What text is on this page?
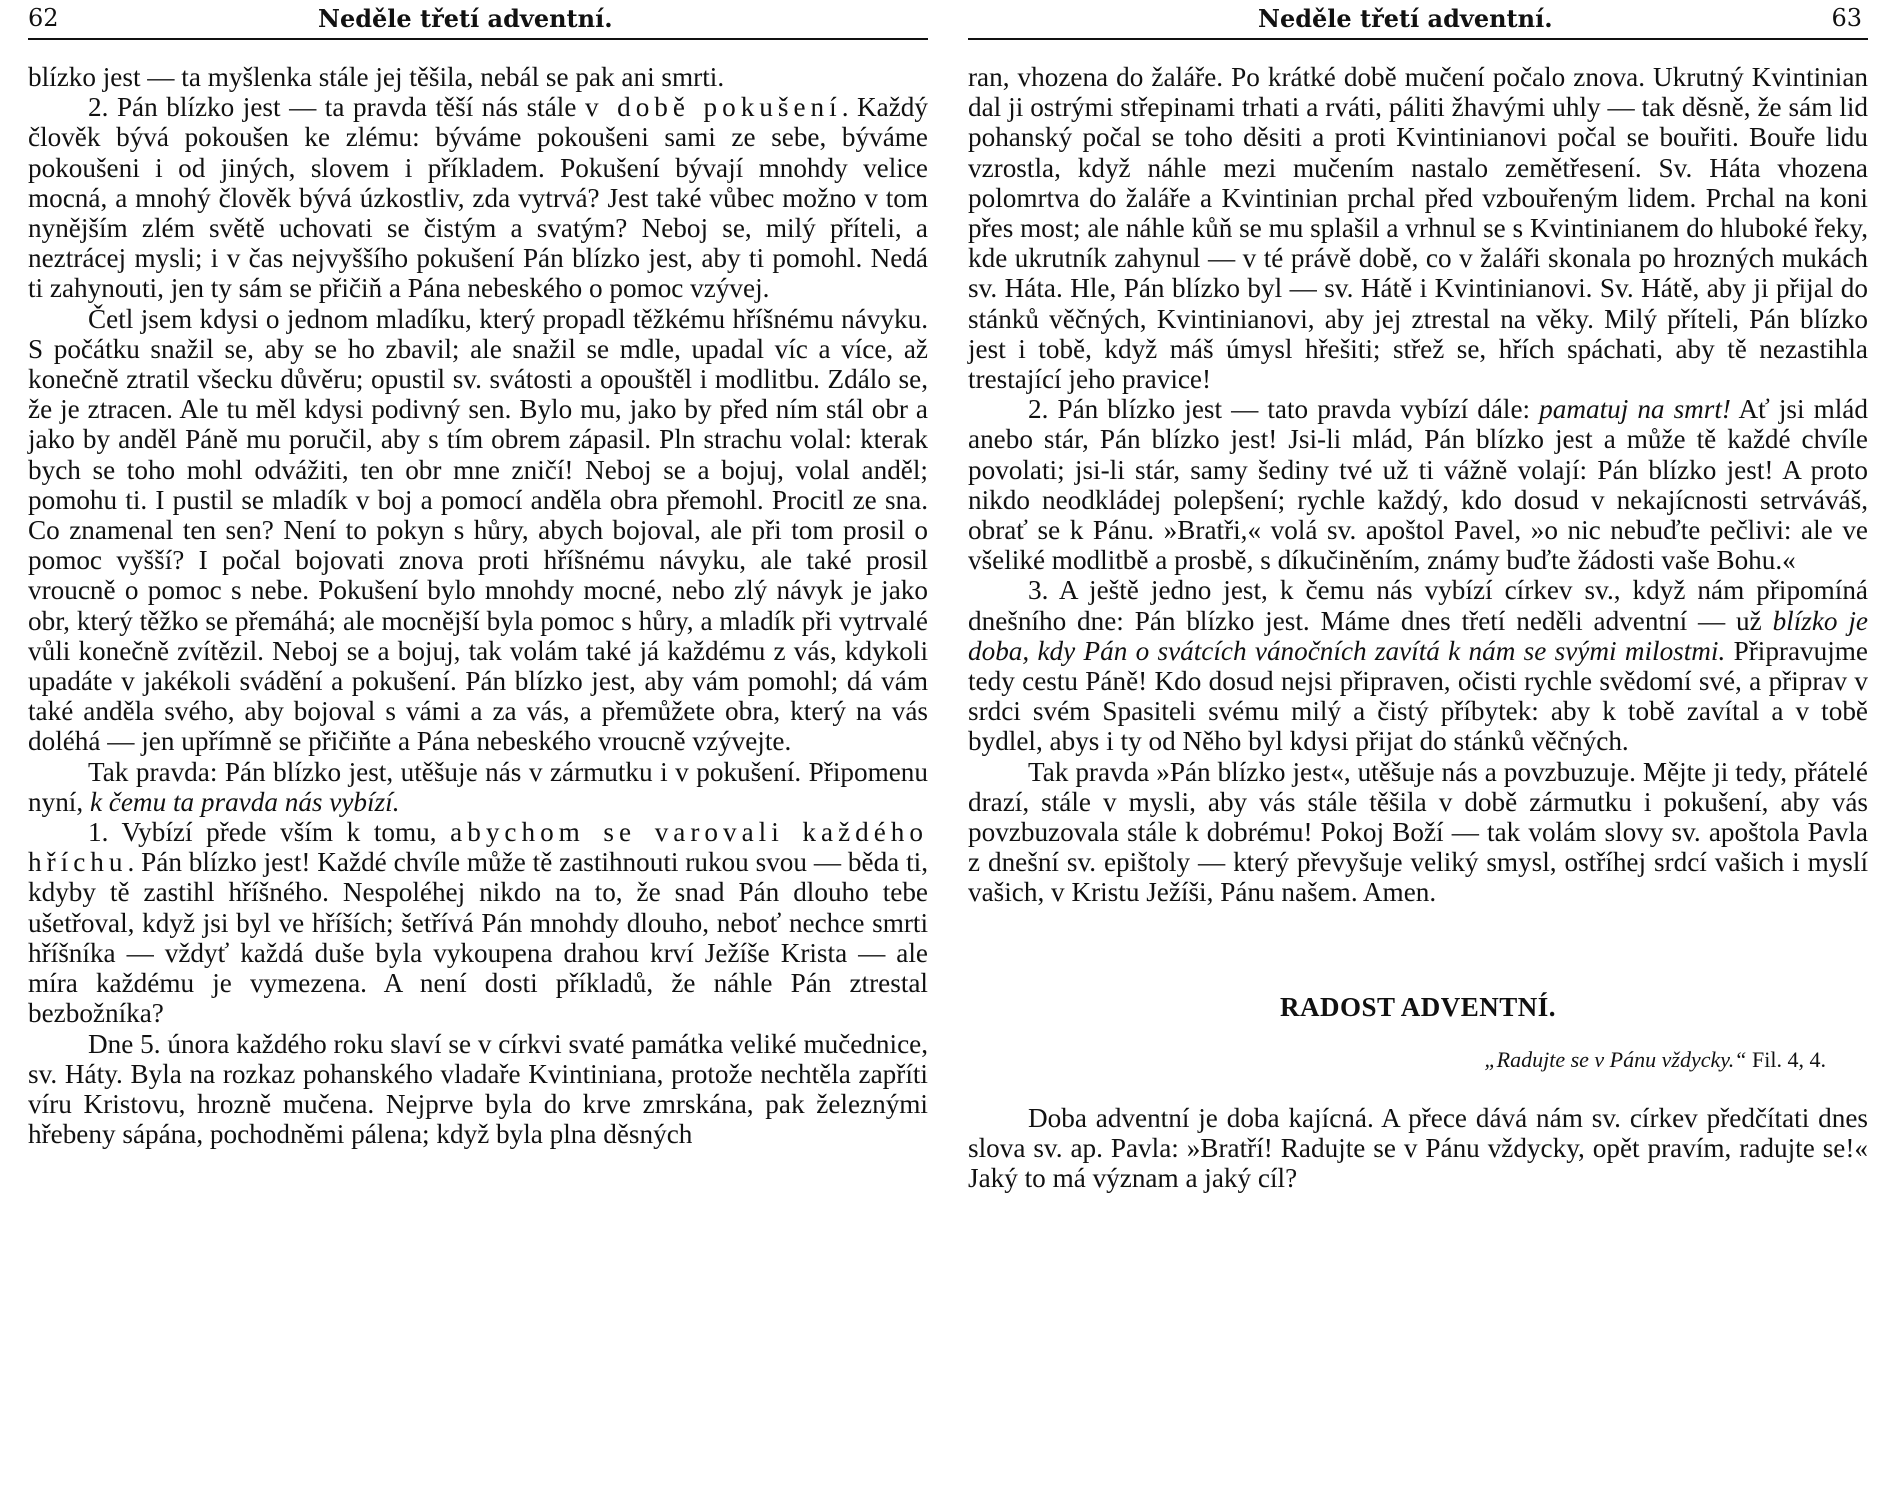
62	Neděle třetí adventní.

blízko jest — ta myšlenka stále jej těšila, nebál se pak ani smrti.

2. Pán blízko jest — ta pravda těší nás stále v době pokušení. Každý člověk bývá pokoušen ke zlému: býváme pokoušeni sami ze sebe, býváme pokoušeni i od jiných, slovem i příkladem. Pokušení bývají mnohdy velice mocná, a mnohý člověk bývá úzkostliv, zda vytrvá? Jest také vůbec možno v tom nynějším zlém světě uchovati se čistým a svatým? Neboj se, milý příteli, a neztrácej mysli; i v čas nejvyššího pokušení Pán blízko jest, aby ti pomohl. Nedá ti zahynouti, jen ty sám se přičiň a Pána nebeského o pomoc vzývej.

Četl jsem kdysi o jednom mladíku, který propadl těžkému hříšnému návyku. S počátku snažil se, aby se ho zbavil; ale snažil se mdle, upadal víc a více, až konečně ztratil všecku důvěru; opustil sv. svátosti a opouštěl i modlitbu. Zdálo se, že je ztracen. Ale tu měl kdysi podivný sen. Bylo mu, jako by před ním stál obr a jako by anděl Páně mu poručil, aby s tím obrem zápasil. Pln strachu volal: kterak bych se toho mohl odvážiti, ten obr mne zničí! Neboj se a bojuj, volal anděl; pomohu ti. I pustil se mladík v boj a pomocí anděla obra přemohl. Procitl ze sna. Co znamenal ten sen? Není to pokyn s hůry, abych bojoval, ale při tom prosil o pomoc vyšší? I počal bojovati znova proti hříšnému návyku, ale také prosil vroucně o pomoc s nebe. Pokušení bylo mnohdy mocné, nebo zlý návyk je jako obr, který těžko se přemáhá; ale mocnější byla pomoc s hůry, a mladík při vytrvalé vůli konečně zvítězil. Neboj se a bojuj, tak volám také já každému z vás, kdykoli upadáte v jakékoli svádění a pokušení. Pán blízko jest, aby vám pomohl; dá vám také anděla svého, aby bojoval s vámi a za vás, a přemůžete obra, který na vás doléhá — jen upřímně se přičiňte a Pána nebeského vroucně vzývejte.

Tak pravda: Pán blízko jest, utěšuje nás v zármutku i v pokušení. Připomenu nyní, k čemu ta pravda nás vybízí.

1. Vybízí přede vším k tomu, abychom se varovali každého hříchu. Pán blízko jest! Každé chvíle může tě zastihnouti rukou svou — běda ti, kdyby tě zastihl hříšného. Nespoléhej nikdo na to, že snad Pán dlouho tebe ušetřoval, když jsi byl ve hříších; šetřívá Pán mnohdy dlouho, neboť nechce smrti hříšníka — vždyť každá duše byla vykoupena drahou krví Ježíše Krista — ale míra každému je vymezena. A není dosti příkladů, že náhle Pán ztrestal bezbožníka?

Dne 5. února každého roku slaví se v církvi svaté památka veliké mučednice, sv. Háty. Byla na rozkaz pohanského vladaře Kvintiniana, protože nechtěla zapříti víru Kristovu, hrozně mučena. Nejprve byla do krve zmrskána, pak železnými hřebeny sápána, pochodněmi pálena; když byla plna děsných

Neděle třetí adventní.	63

ran, vhozena do žaláře. Po krátké době mučení počalo znova. Ukrutný Kvintinian dal ji ostrými střepinami trhati a rváti, páliti žhavými uhly — tak děsně, že sám lid pohanský počal se toho děsiti a proti Kvintinianovi počal se bouřiti. Bouře lidu vzrostla, když náhle mezi mučením nastalo zemětřesení. Sv. Háta vhozena polomrtva do žaláře a Kvintinian prchal před vzbouřeným lidem. Prchal na koni přes most; ale náhle kůň se mu splašil a vrhnul se s Kvintinianem do hluboké řeky, kde ukrutník zahynul — v té právě době, co v žaláři skonala po hrozných mukách sv. Háta. Hle, Pán blízko byl — sv. Hátě i Kvintinianovi. Sv. Hátě, aby ji přijal do stánků věčných, Kvintinianovi, aby jej ztrestal na věky. Milý příteli, Pán blízko jest i tobě, když máš úmysl hřešiti; střež se, hřích spáchati, aby tě nezastihla trestající jeho pravice!

2. Pán blízko jest — tato pravda vybízí dále: pamatuj na smrt! Ať jsi mlád anebo stár, Pán blízko jest! Jsi-li mlád, Pán blízko jest a může tě každé chvíle povolati; jsi-li stár, samy šediny tvé už ti vážně volají: Pán blízko jest! A proto nikdo neodkládej polepšení; rychle každý, kdo dosud v nekajícnosti setrváváš, obrať se k Pánu. »Bratři,« volá sv. apoštol Pavel, »o nic nebuďte pečlivi: ale ve všeliké modlitbě a prosbě, s díkučiněním, známy buďte žádosti vaše Bohu.«

3. A ještě jedno jest, k čemu nás vybízí církev sv., když nám připomíná dnešního dne: Pán blízko jest. Máme dnes třetí neděli adventní — už blízko je doba, kdy Pán o svátcích vánočních zavítá k nám se svými milostmi. Připravujme tedy cestu Páně! Kdo dosud nejsi připraven, očisti rychle svědomí své, a připrav v srdci svém Spasiteli svému milý a čistý příbytek: aby k tobě zavítal a v tobě bydlel, abys i ty od Něho byl kdysi přijat do stánků věčných.

Tak pravda »Pán blízko jest«, utěšuje nás a povzbuzuje. Mějte ji tedy, přátelé drazí, stále v mysli, aby vás stále těšila v době zármutku i pokušení, aby vás povzbuzovala stále k dobrému! Pokoj Boží — tak volám slovy sv. apoštola Pavla z dnešní sv. epištoly — který převyšuje veliký smysl, ostříhej srdcí vašich i myslí vašich, v Kristu Ježíši, Pánu našem. Amen.

RADOST ADVENTNÍ.
„Radujte se v Pánu vždycky.“ Fil. 4, 4.

Doba adventní je doba kajícná. A přece dává nám sv. církev předčítati dnes slova sv. ap. Pavla: »Bratří! Radujte se v Pánu vždycky, opět pravím, radujte se!« Jaký to má význam a jaký cíl?
